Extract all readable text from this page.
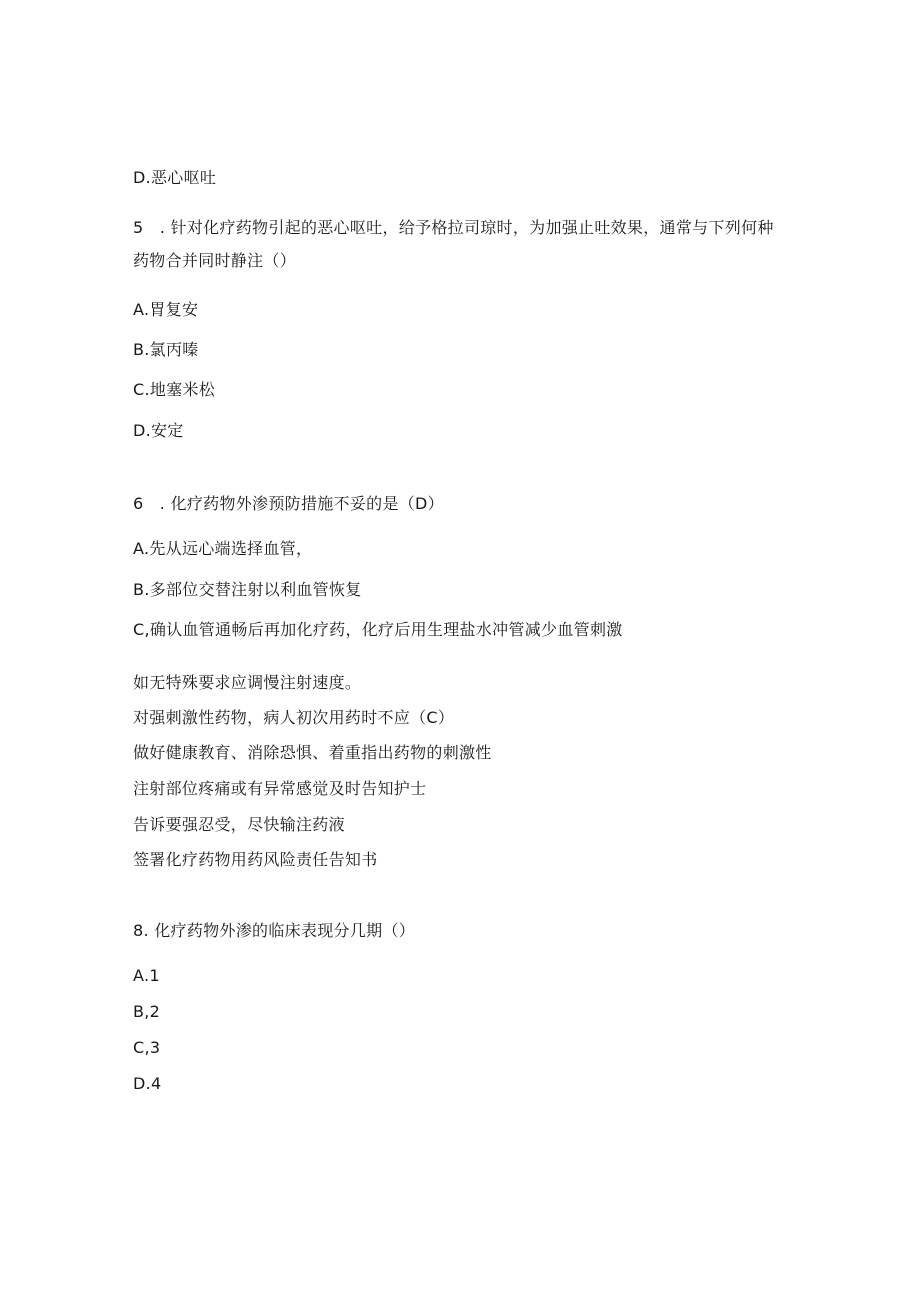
D.恶心呕吐
5　. 针对化疗药物引起的恶心呕吐，给予格拉司琼时，为加强止吐效果，通常与下列何种药物合并同时静注（）
A.胃复安
B.氯丙嗪
C.地塞米松
D.安定
6　. 化疗药物外渗预防措施不妥的是（D）
A.先从远心端选择血管，
B.多部位交替注射以利血管恢复
C,确认血管通畅后再加化疗药，化疗后用生理盐水冲管减少血管刺激
如无特殊要求应调慢注射速度。
对强刺激性药物，病人初次用药时不应（C）
做好健康教育、消除恐惧、着重指出药物的刺激性
注射部位疼痛或有异常感觉及时告知护士
告诉要强忍受，尽快输注药液
签署化疗药物用药风险责任告知书
8. 化疗药物外渗的临床表现分几期（）
A.1
B,2
C,3
D.4
